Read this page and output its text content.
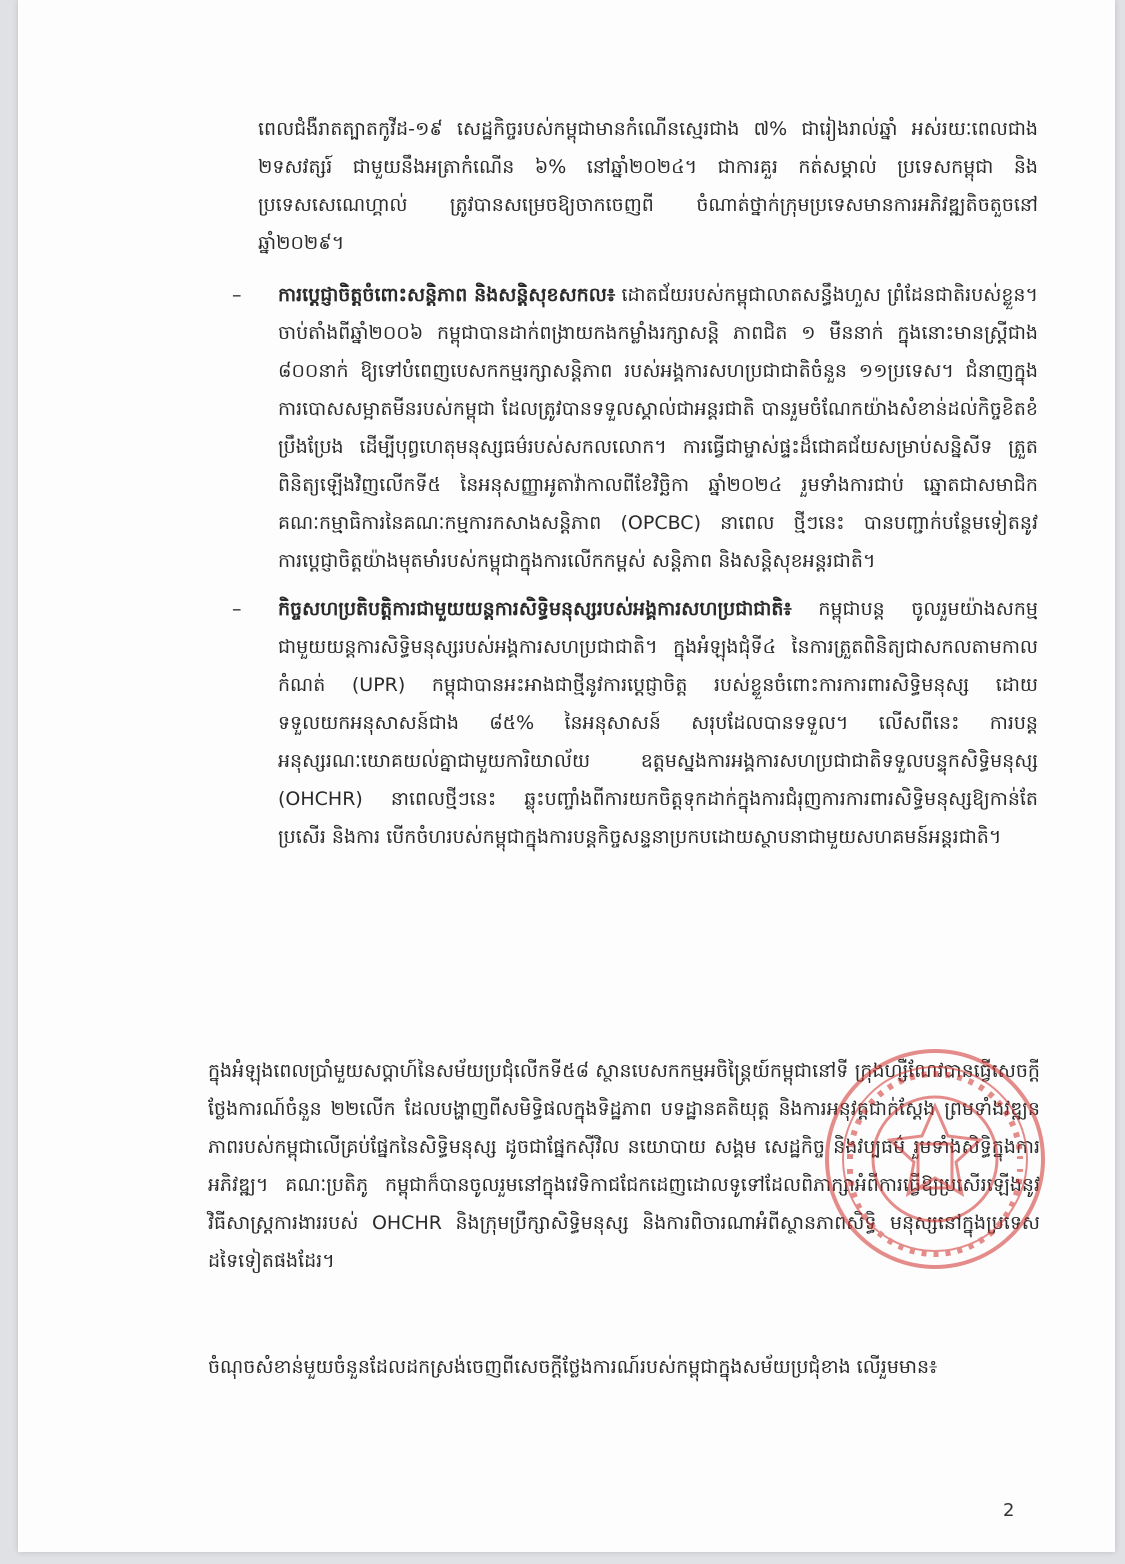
ពេលជំងឺរាតត្បាតកូវីដ-១៩ សេដ្ឋកិច្ចរបស់កម្ពុជាមានកំណើនស្មេរជាង ៧% ជារៀងរាល់ឆ្នាំ អស់រយៈពេលជាង ២ទសវត្សរ៍ ជាមួយនឹងអត្រាកំណើន ៦% នៅឆ្នាំ២០២៤។ ជាការគួរ កត់សម្គាល់ ប្រទេសកម្ពុជា និងប្រទេសសេណេហ្គាល់ ត្រូវបានសម្រេចឱ្យចាកចេញពី ចំណាត់ថ្នាក់ក្រុមប្រទេសមានការអភិវឌ្ឍតិចតួចនៅឆ្នាំ២០២៩។

– ការប្តេជ្ញាចិត្តចំពោះសន្តិភាព និងសន្តិសុខសកល៖ ដោតជ័យរបស់កម្ពុជាលាតសន្ធឹងហួស ព្រំដែនជាតិរបស់ខ្លួន។ ចាប់តាំងពីឆ្នាំ២០០៦ កម្ពុជាបានដាក់ពង្រាយកងកម្លាំងរក្សាសន្តិ ភាពជិត ១ មឺននាក់ ក្នុងនោះមានស្ត្រីជាង ៨០០នាក់ ឱ្យទៅបំពេញបេសកកម្មរក្សាសន្តិភាព របស់អង្គការសហប្រជាជាតិចំនួន ១១ប្រទេស។ ជំនាញក្នុងការបោសសម្អាតមីនរបស់កម្ពុជា ដែលត្រូវបានទទួលស្គាល់ជាអន្តរជាតិ បានរួមចំណែកយ៉ាងសំខាន់ដល់កិច្ចខិតខំប្រឹងប្រែង ដើម្បីបុព្វហេតុមនុស្សធម៌របស់សកលលោក។ ការធ្វើជាម្ចាស់ផ្ទះដ៏ជោគជ័យសម្រាប់សន្និសីទ ត្រួតពិនិត្យឡើងវិញលើកទី៥ នៃអនុសញ្ញាអូតាវ៉ាកាលពីខែវិច្ឆិកា ឆ្នាំ២០២៤ រួមទាំងការជាប់ ឆ្នោតជាសមាជិកគណៈកម្មាធិការនៃគណៈកម្មការកសាងសន្តិភាព (OPCBC) នាពេល ថ្មីៗនេះ បានបញ្ជាក់បន្ថែមទៀតនូវការប្តេជ្ញាចិត្តយ៉ាងមុតមាំរបស់កម្ពុជាក្នុងការលើកកម្ពស់ សន្តិភាព និងសន្តិសុខអន្តរជាតិ។
– កិច្ចសហប្រតិបត្តិការជាមួយយន្តការសិទ្ធិមនុស្សរបស់អង្គការសហប្រជាជាតិ៖ កម្ពុជាបន្ត ចូលរួមយ៉ាងសកម្មជាមួយយន្តការសិទ្ធិមនុស្សរបស់អង្គការសហប្រជាជាតិ។ ក្នុងអំឡុងជុំទី៤ នៃការត្រួតពិនិត្យជាសកលតាមកាលកំណត់ (UPR) កម្ពុជាបានអះអាងជាថ្មីនូវការប្តេជ្ញាចិត្ត របស់ខ្លួនចំពោះការការពារសិទ្ធិមនុស្ស ដោយទទួលយកអនុសាសន៍ជាង ៨៥% នៃអនុសាសន៍ សរុបដែលបានទទួល។ លើសពីនេះ ការបន្តអនុស្សរណៈយោគយល់គ្នាជាមួយការិយាល័យ ឧត្តមស្នងការអង្គការសហប្រជាជាតិទទួលបន្ទុកសិទ្ធិមនុស្ស (OHCHR) នាពេលថ្មីៗនេះ ឆ្លុះបញ្ចាំងពីការយកចិត្តទុកដាក់ក្នុងការជំរុញការការពារសិទ្ធិមនុស្សឱ្យកាន់តែប្រសើរ និងការ បើកចំហរបស់កម្ពុជាក្នុងការបន្តកិច្ចសន្ទនាប្រកបដោយស្ថាបនាជាមួយសហគមន៍អន្តរជាតិ។

ក្នុងអំឡុងពេលប្រាំមួយសប្តាហ៍នៃសម័យប្រជុំលើកទី៥៨ ស្ថានបេសកកម្មអចិន្ត្រៃយ៍កម្ពុជានៅទី ក្រុងហ្សឺណែវបានធ្វើសេចក្តីថ្លែងការណ៍ចំនួន ២២លើក ដែលបង្ហាញពីសមិទ្ធិផលក្នុងទិដ្ឋភាព បទដ្ឋានគតិយុត្ត និងការអនុវត្តជាក់ស្តែង ព្រមទាំងវឌ្ឍនភាពរបស់កម្ពុជាលើគ្រប់ផ្នែកនៃសិទ្ធិមនុស្ស ដូចជាផ្នែកស៊ីវិល នយោបាយ សង្គម សេដ្ឋកិច្ច និងវប្បធម៌ រួមទាំងសិទ្ធិក្នុងការអភិវឌ្ឍ។ គណៈប្រតិភូ កម្ពុជាក៏បានចូលរួមនៅក្នុងវេទិកាជជែកដេញដោលទូទៅដែលពិភាក្សាអំពីការធ្វើឱ្យប្រសើរឡើងនូវ វិធីសាស្ត្រការងាររបស់ OHCHR និងក្រុមប្រឹក្សាសិទ្ធិមនុស្ស និងការពិចារណាអំពីស្ថានភាពសិទ្ធិ មនុស្សនៅក្នុងប្រទេសដទៃទៀតផងដែរ។

ចំណុចសំខាន់មួយចំនួនដែលដកស្រង់ចេញពីសេចក្តីថ្លែងការណ៍របស់កម្ពុជាក្នុងសម័យប្រជុំខាង លើរួមមាន៖

2
